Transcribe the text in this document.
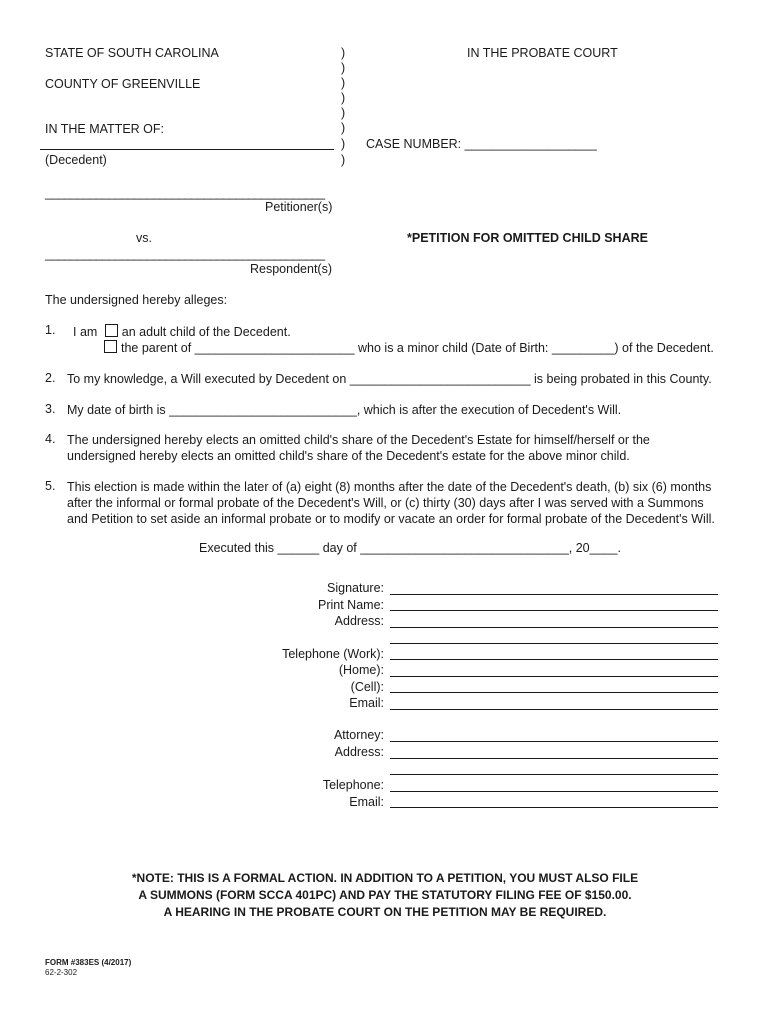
STATE OF SOUTH CAROLINA
COUNTY OF GREENVILLE
IN THE PROBATE COURT
IN THE MATTER OF:
(Decedent)
CASE NUMBER: ___________________
)
)
)
)
)
)
)
)
____________________________________________
Petitioner(s)
vs.	*PETITION FOR OMITTED CHILD SHARE
____________________________________________
Respondent(s)
The undersigned hereby alleges:
1.	I am an adult child of the Decedent.
the parent of _______________________ who is a minor child (Date of Birth: _________) of the Decedent.
2. To my knowledge, a Will executed by Decedent on __________________________ is being probated in this County.
3. My date of birth is ___________________________, which is after the execution of Decedent's Will.
4. The undersigned hereby elects an omitted child's share of the Decedent's Estate for himself/herself or the
undersigned hereby elects an omitted child's share of the Decedent's estate for the above minor child.
5. This election is made within the later of (a) eight (8) months after the date of the Decedent's death, (b) six (6) months
after the informal or formal probate of the Decedent's Will, or (c) thirty (30) days after I was served with a Summons
and Petition to set aside an informal probate or to modify or vacate an order for formal probate of the Decedent's Will.
Executed this ______ day of ______________________________, 20____.
Signature:
Print Name:
Address:
Telephone (Work):
(Home):
(Cell):
Email:
Attorney:
Address:
Telephone:
Email:
*NOTE: THIS IS A FORMAL ACTION. IN ADDITION TO A PETITION, YOU MUST ALSO FILE
A SUMMONS (FORM SCCA 401PC) AND PAY THE STATUTORY FILING FEE OF $150.00.
A HEARING IN THE PROBATE COURT ON THE PETITION MAY BE REQUIRED.
FORM #383ES (4/2017)
62-2-302
